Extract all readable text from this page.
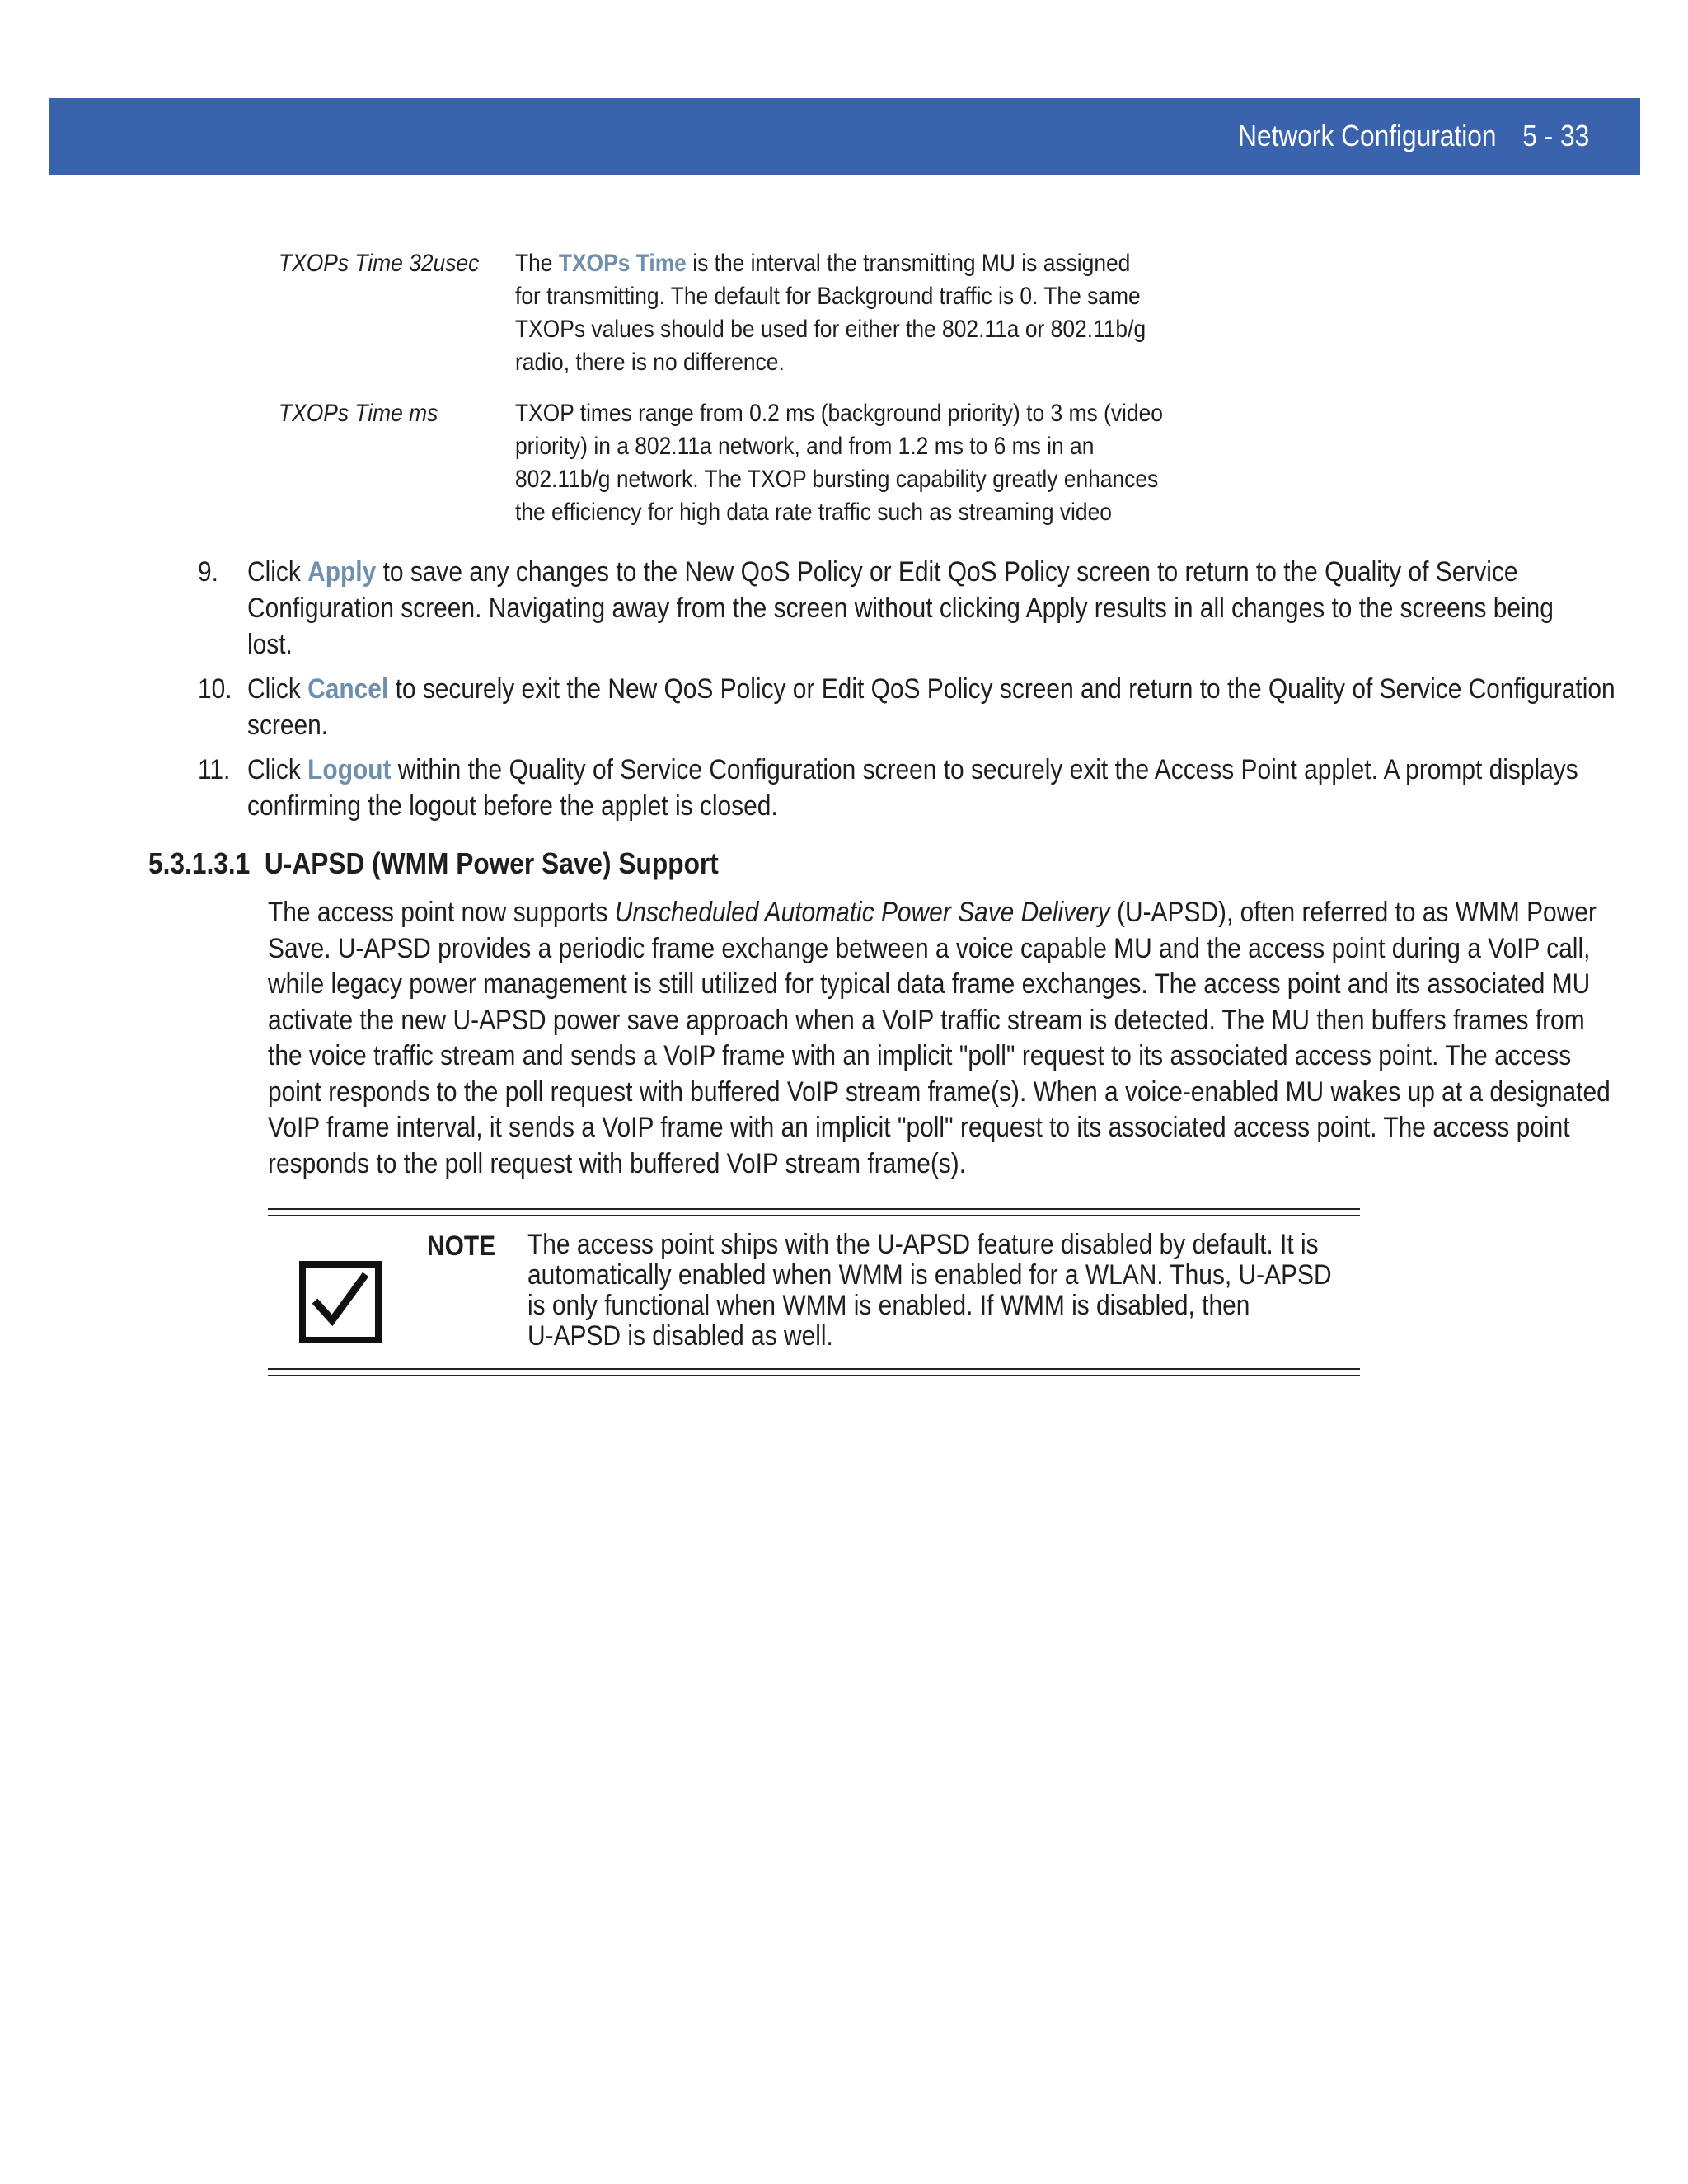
Network Configuration 5 - 33
TXOPs Time 32usec The TXOPs Time is the interval the transmitting MU is assigned
for transmitting. The default for Background traffic is 0. The same
TXOPs values should be used for either the 802.11a or 802.11b/g
radio, there is no difference.
TXOPs Time ms	TXOP times range from 0.2 ms (background priority) to 3 ms (video
priority) in a 802.11a network, and from 1.2 ms to 6 ms in an
802.11b/g network. The TXOP bursting capability greatly enhances
the efficiency for high data rate traffic such as streaming video
9. Click Apply to save any changes to the New QoS Policy or Edit QoS Policy screen to return to the Quality of Service
Configuration screen. Navigating away from the screen without clicking Apply results in all changes to the screens being
lost.
10. Click Cancel to securely exit the New QoS Policy or Edit QoS Policy screen and return to the Quality of Service Configuration
screen.
11. Click Logout within the Quality of Service Configuration screen to securely exit the Access Point applet. A prompt displays
confirming the logout before the applet is closed.
5.3.1.3.1 U-APSD (WMM Power Save) Support
The access point now supports Unscheduled Automatic Power Save Delivery (U-APSD), often referred to as WMM Power
Save. U-APSD provides a periodic frame exchange between a voice capable MU and the access point during a VoIP call,
while legacy power management is still utilized for typical data frame exchanges. The access point and its associated MU
activate the new U-APSD power save approach when a VoIP traffic stream is detected. The MU then buffers frames from
the voice traffic stream and sends a VoIP frame with an implicit "poll" request to its associated access point. The access
point responds to the poll request with buffered VoIP stream frame(s). When a voice-enabled MU wakes up at a designated
VoIP frame interval, it sends a VoIP frame with an implicit "poll" request to its associated access point. The access point
responds to the poll request with buffered VoIP stream frame(s).
NOTE The access point ships with the U-APSD feature disabled by default. It is
automatically enabled when WMM is enabled for a WLAN. Thus, U-APSD
is only functional when WMM is enabled. If WMM is disabled, then
U-APSD is disabled as well.
